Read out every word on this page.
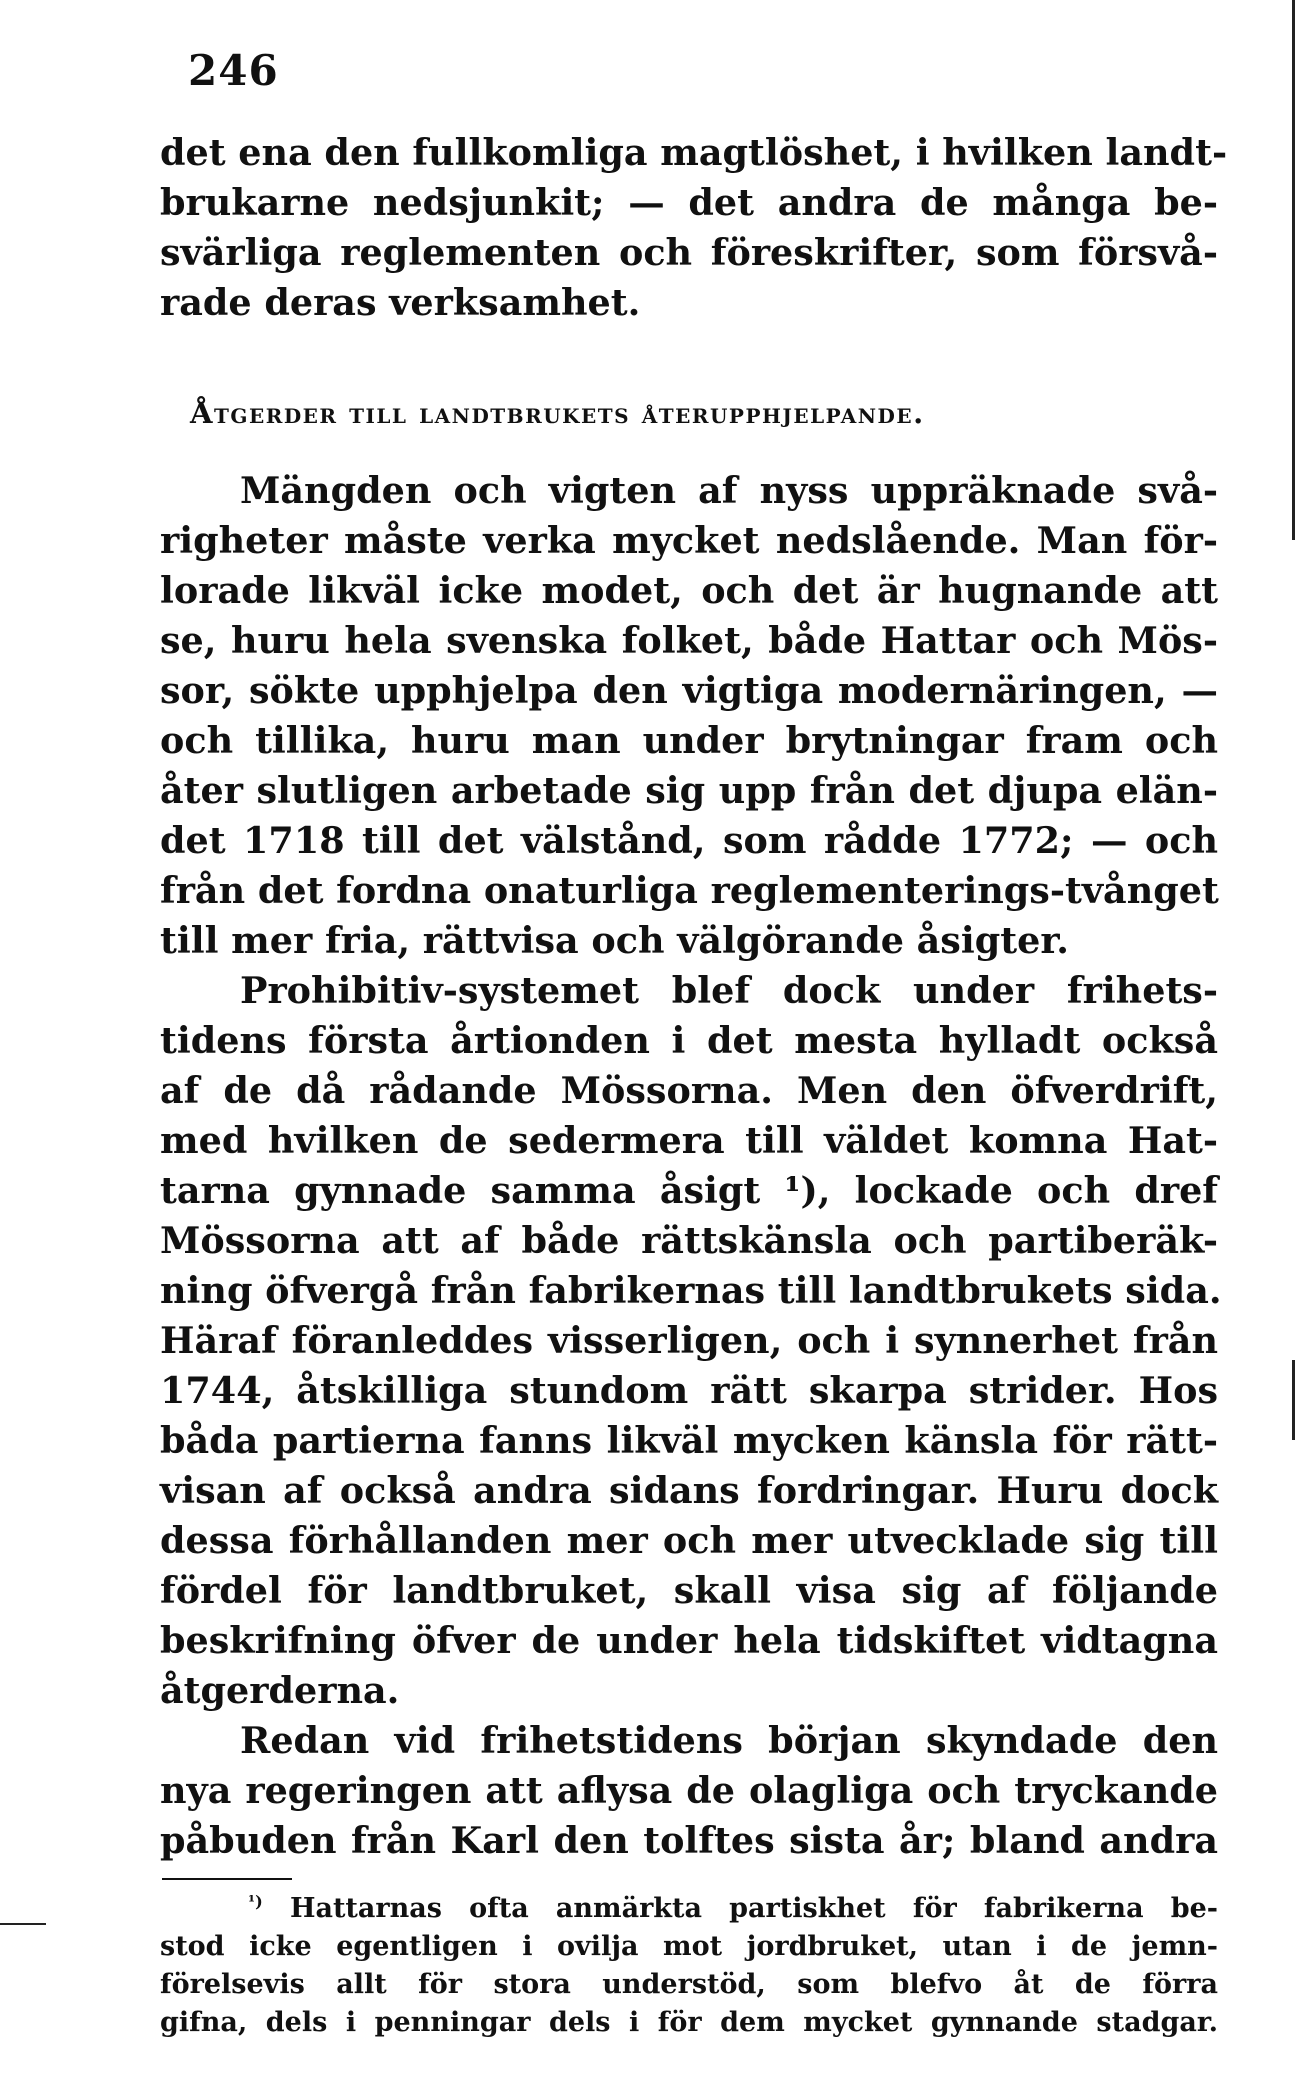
246
det ena den fullkomliga magtlöshet, i hvilken landt-
brukarne nedsjunkit; — det andra de många be-
svärliga reglementen och föreskrifter, som försvå-
rade deras verksamhet.
Åtgerder till landtbrukets återupphjelpande.
Mängden och vigten af nyss uppräknade svå-
righeter måste verka mycket nedslående. Man för-
lorade likväl icke modet, och det är hugnande att
se, huru hela svenska folket, både Hattar och Mös-
sor, sökte upphjelpa den vigtiga modernäringen, —
och tillika, huru man under brytningar fram och
åter slutligen arbetade sig upp från det djupa elän-
det 1718 till det välstånd, som rådde 1772; — och
från det fordna onaturliga reglementerings-tvånget
till mer fria, rättvisa och välgörande åsigter.
Prohibitiv-systemet blef dock under frihets-
tidens första årtionden i det mesta hylladt också
af de då rådande Mössorna. Men den öfverdrift,
med hvilken de sedermera till väldet komna Hat-
tarna gynnade samma åsigt ¹), lockade och dref
Mössorna att af både rättskänsla och partiberäk-
ning öfvergå från fabrikernas till landtbrukets sida.
Häraf föranleddes visserligen, och i synnerhet från
1744, åtskilliga stundom rätt skarpa strider. Hos
båda partierna fanns likväl mycken känsla för rätt-
visan af också andra sidans fordringar. Huru dock
dessa förhållanden mer och mer utvecklade sig till
fördel för landtbruket, skall visa sig af följande
beskrifning öfver de under hela tidskiftet vidtagna
åtgerderna.
Redan vid frihetstidens början skyndade den
nya regeringen att aflysa de olagliga och tryckande
påbuden från Karl den tolftes sista år; bland andra
$^{^1)}$ Hattarnas ofta anmärkta partiskhet för fabrikerna be-
stod icke egentligen i ovilja mot jordbruket, utan i de jemn-
förelsevis allt för stora understöd, som blefvo åt de förra
gifna, dels i penningar dels i för dem mycket gynnande stadgar.
